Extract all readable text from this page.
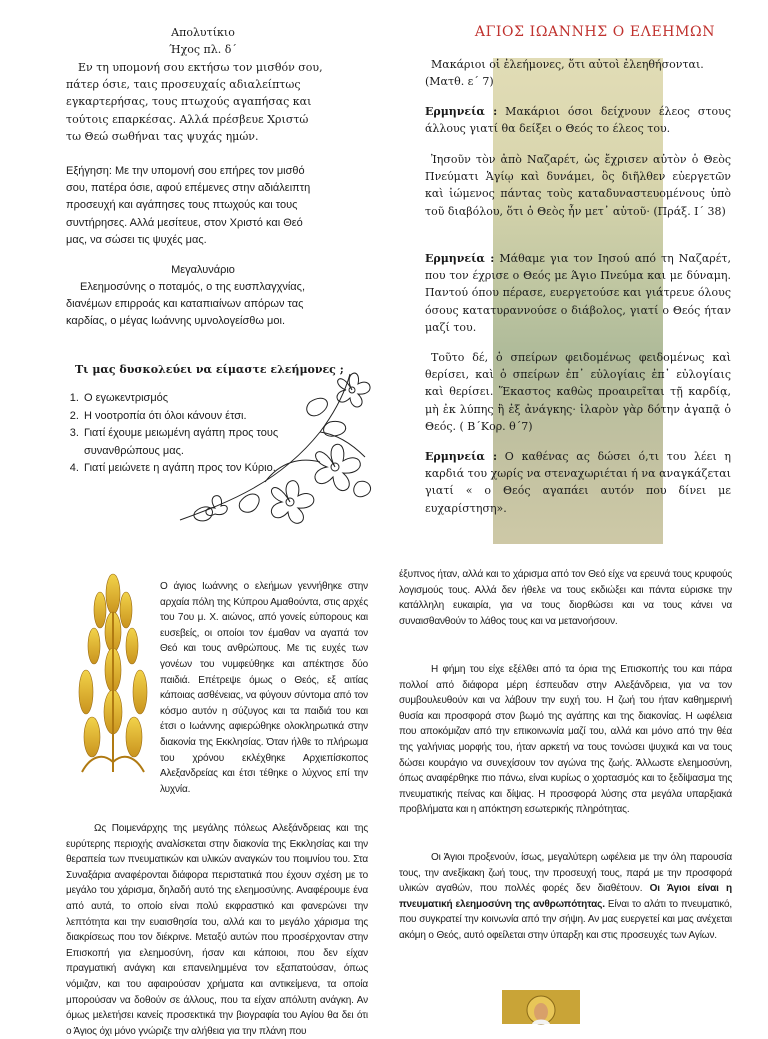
Απολυτίκιο
Ήχος πλ. δ΄
Εν τη υπομονή σου εκτήσω τον μισθόν σου,
πάτερ όσιε, ταις προσευχαίς αδιαλείπτως
εγκαρτερήσας, τους πτωχούς αγαπήσας και
τούτοις επαρκέσας. Αλλά πρέσβευε Χριστώ
τω Θεώ σωθήναι τας ψυχάς ημών.
Εξήγηση: Με την υπομονή σου επήρες τον μισθό
σου, πατέρα όσιε, αφού επέμενες στην αδιάλειπτη
προσευχή και αγάπησες τους πτωχούς και τους
συντήρησες. Αλλά μεσίτευε, στον Χριστό και Θεό
μας, να σώσει τις ψυχές μας.
Μεγαλυνάριο
Ελεημοσύνης ο ποταμός, ο της ευσπλαγχνίας,
διανέμων επιρροάς και καταπιαίνων απόρων τας
καρδίας, ο μέγας Ιωάννης υμνολογείσθω μοι.
Τι μας δυσκολεύει να είμαστε ελεήμονες ;
1. Ο εγωκεντρισμός
2. Η νοοτροπία ότι όλοι κάνουν έτσι.
3. Γιατί έχουμε μειωμένη αγάπη προς τους συνανθρώπους μας.
4. Γιατί μειώνετε η αγάπη προς τον Κύριο.
ΑΓΙΟΣ ΙΩΑΝΝΗΣ Ο ΕΛΕΗΜΩΝ
Μακάριοι οἱ ἐλεήμονες, ὅτι αὐτοὶ ἐλεηθήσονται. (Ματθ. ε΄ 7)
Ερμηνεία : Μακάριοι όσοι δείχνουν έλεος στους άλλους γιατί θα δείξει ο Θεός το έλεος του.
Ἰησοῦν τὸν ἀπὸ Ναζαρέτ, ὡς ἔχρισεν αὐτὸν ὁ Θεὸς Πνεύματι Ἁγίῳ καὶ δυνάμει, ὃς διῆλθεν εὐεργετῶν καὶ ἰώμενος πάντας τοὺς καταδυναστευομένους ὑπὸ τοῦ διαβόλου, ὅτι ὁ Θεὸς ἦν μετ᾽ αὐτοῦ· (Πράξ. Ι΄ 38)
Ερμηνεία : Μάθαμε για τον Ιησού από τη Ναζαρέτ, που τον έχρισε ο Θεός με Άγιο Πνεύμα και με δύναμη. Παντού όπου πέρασε, ευεργετούσε και γιάτρευε όλους όσους κατατυραννούσε ο διάβολος, γιατί ο Θεός ήταν μαζί του.
Τοῦτο δέ, ὁ σπείρων φειδομένως φειδομένως καὶ θερίσει, καὶ ὁ σπείρων ἐπ᾽ εὐλογίαις ἐπ᾽ εὐλογίαις καὶ θερίσει. Ἕκαστος καθὼς προαιρεῖται τῇ καρδίᾳ, μὴ ἐκ λύπης ἢ ἐξ ἀνάγκης· ἱλαρὸν γὰρ δότην ἀγαπᾷ ὁ Θεός. ( Β΄Κορ. θ΄7)
Ερμηνεία : Ο καθένας ας δώσει ό,τι του λέει η καρδιά του χωρίς να στεναχωριέται ή να αναγκάζεται γιατί « ο Θεός αγαπάει αυτόν που δίνει με ευχαρίστηση».
Ο άγιος Ιωάννης ο ελεήμων γεννήθηκε στην αρχαία πόλη της Κύπρου Αμαθούντα, στις αρχές του 7ου μ. Χ. αιώνος, από γονείς εύπορους και ευσεβείς, οι οποίοι τον έμαθαν να αγαπά τον Θεό και τους ανθρώπους. Με τις ευχές των γονέων του νυμφεύθηκε και απέκτησε δύο παιδιά. Επέτρεψε όμως ο Θεός, εξ αιτίας κάποιας ασθένειας, να φύγουν σύντομα από τον κόσμο αυτόν η σύζυγος και τα παιδιά του και έτσι ο Ιωάννης αφιερώθηκε ολοκληρωτικά στην διακονία της Εκκλησίας. Όταν ήλθε το πλήρωμα του χρόνου εκλέχθηκε Αρχιεπίσκοπος Αλεξανδρείας και έτσι τέθηκε ο λύχνος επί την λυχνία.
Ως Ποιμενάρχης της μεγάλης πόλεως Αλεξάνδρειας και της ευρύτερης περιοχής αναλίσκεται στην διακονία της Εκκλησίας και την θεραπεία των πνευματικών και υλικών αναγκών του ποιμνίου του. Στα Συναξάρια αναφέρονται διάφορα περιστατικά που έχουν σχέση με το μεγάλο του χάρισμα, δηλαδή αυτό της ελεημοσύνης. Αναφέρουμε ένα από αυτά, το οποίο είναι πολύ εκφραστικό και φανερώνει την λεπτότητα και την ευαισθησία του, αλλά και το μεγάλο χάρισμα της διακρίσεως που τον διέκρινε. Μεταξύ αυτών που προσέρχονταν στην Επισκοπή για ελεημοσύνη, ήσαν και κάποιοι, που δεν είχαν πραγματική ανάγκη και επανειλημμένα τον εξαπατούσαν, όπως νόμιζαν, και του αφαιρούσαν χρήματα και αντικείμενα, τα οποία μπορούσαν να δοθούν σε άλλους, που τα είχαν απόλυτη ανάγκη. Αν όμως μελετήσει κανείς προσεκτικά την βιογραφία του Αγίου θα δει ότι ο Άγιος όχι μόνο γνώριζε την αλήθεια για την πλάνη που
έξυπνος ήταν, αλλά και το χάρισμα από τον Θεό είχε να ερευνά τους κρυφούς λογισμούς τους. Αλλά δεν ήθελε να τους εκδιώξει και πάντα εύρισκε την κατάλληλη ευκαιρία, για να τους διορθώσει και να τους κάνει να συναισθανθούν το λάθος τους και να μετανοήσουν.
Η φήμη του είχε εξέλθει από τα όρια της Επισκοπής του και πάρα πολλοί από διάφορα μέρη έσπευδαν στην Αλεξάνδρεια, για να τον συμβουλευθούν και να λάβουν την ευχή του. Η ζωή του ήταν καθημερινή θυσία και προσφορά στον βωμό της αγάπης και της διακονίας. Η ωφέλεια που αποκόμιζαν από την επικοινωνία μαζί του, αλλά και μόνο από την θέα της γαλήνιας μορφής του, ήταν αρκετή να τους τονώσει ψυχικά και να τους δώσει κουράγιο να συνεχίσουν τον αγώνα της ζωής. Άλλωστε ελεημοσύνη, όπως αναφέρθηκε πιο πάνω, είναι κυρίως ο χορτασμός και το ξεδίψασμα της πνευματικής πείνας και δίψας. Η προσφορά λύσης στα μεγάλα υπαρξιακά προβλήματα και η απόκτηση εσωτερικής πληρότητας.
Οι Άγιοι προξενούν, ίσως, μεγαλύτερη ωφέλεια με την όλη παρουσία τους, την ανεξίκακη ζωή τους, την προσευχή τους, παρά με την προσφορά υλικών αγαθών, που πολλές φορές δεν διαθέτουν. Οι Άγιοι είναι η πνευματική ελεημοσύνη της ανθρωπότητας. Είναι το αλάτι το πνευματικό, που συγκρατεί την κοινωνία από την σήψη. Αν μας ευεργετεί και μας ανέχεται ακόμη ο Θεός, αυτό οφείλεται στην ύπαρξη και στις προσευχές των Αγίων.
